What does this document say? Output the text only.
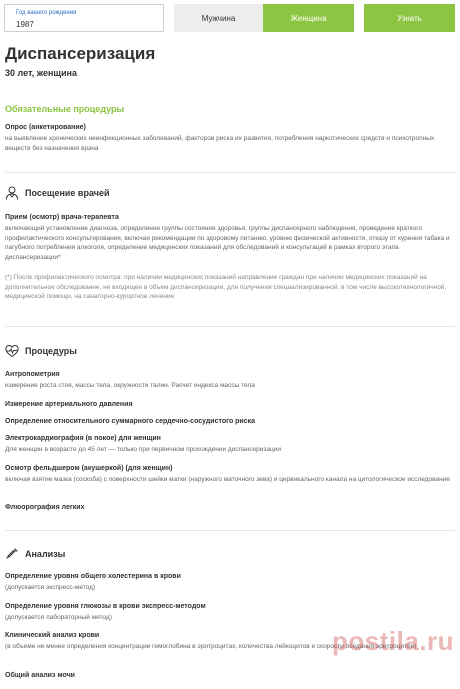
Год вашего рождения
1987
Мужчина	Женщина	Узнать
Диспансеризация
30 лет, женщина
Обязательные процедуры
Опрос (анкетирование)
на выявление хронических неинфекционных заболеваний, факторов риска их развития, потребления наркотических средств и психотропных веществ без назначения врача
Посещение врачей
Прием (осмотр) врача-терапевта
включающий установление диагноза, определение группы состояния здоровья, группы диспансерного наблюдения, проведение краткого профилактического консультирования, включая рекомендации по здоровому питанию, уровню физической активности, отказу от курения табака и пагубного потребления алкоголя, определение медицинских показаний для обследований и консультаций в рамках второго этапа диспансеризации*
(*) После профилактического осмотра: при наличии медицинских показаний направление граждан при наличии медицинских показаний на дополнительное обследование, не входящее в объем диспансеризации, для получения специализированной, в том числе высокотехнологичной, медицинской помощи, на санаторно-курортное лечение
Процедуры
Антропометрия
измерение роста стоя, массы тела, окружности талии. Расчет индекса массы тела
Измерение артериального давления
Определение относительного суммарного сердечно-сосудистого риска
Электрокардиография (в покое) для женщин
Для женщин в возрасте до 45 лет — только при первичном прохождении диспансеризации
Осмотр фельдшером (акушеркой) (для женщин)
включая взятие мазка (соскоба) с поверхности шейки матки (наружного маточного зева) и цервикального канала на цитологическое исследование
Флюорография легких
Анализы
Определение уровня общего холестерина в крови
(допускается экспресс-метод)
Определение уровня глюкозы в крови экспресс-методом
(допускается лабораторный метод)
Клинический анализ крови
(в объеме не менее определения концентрации гемоглобина в эритроцитах, количества лейкоцитов и скорости оседания эритроцитов)
Общий анализ мочи
postila.ru
